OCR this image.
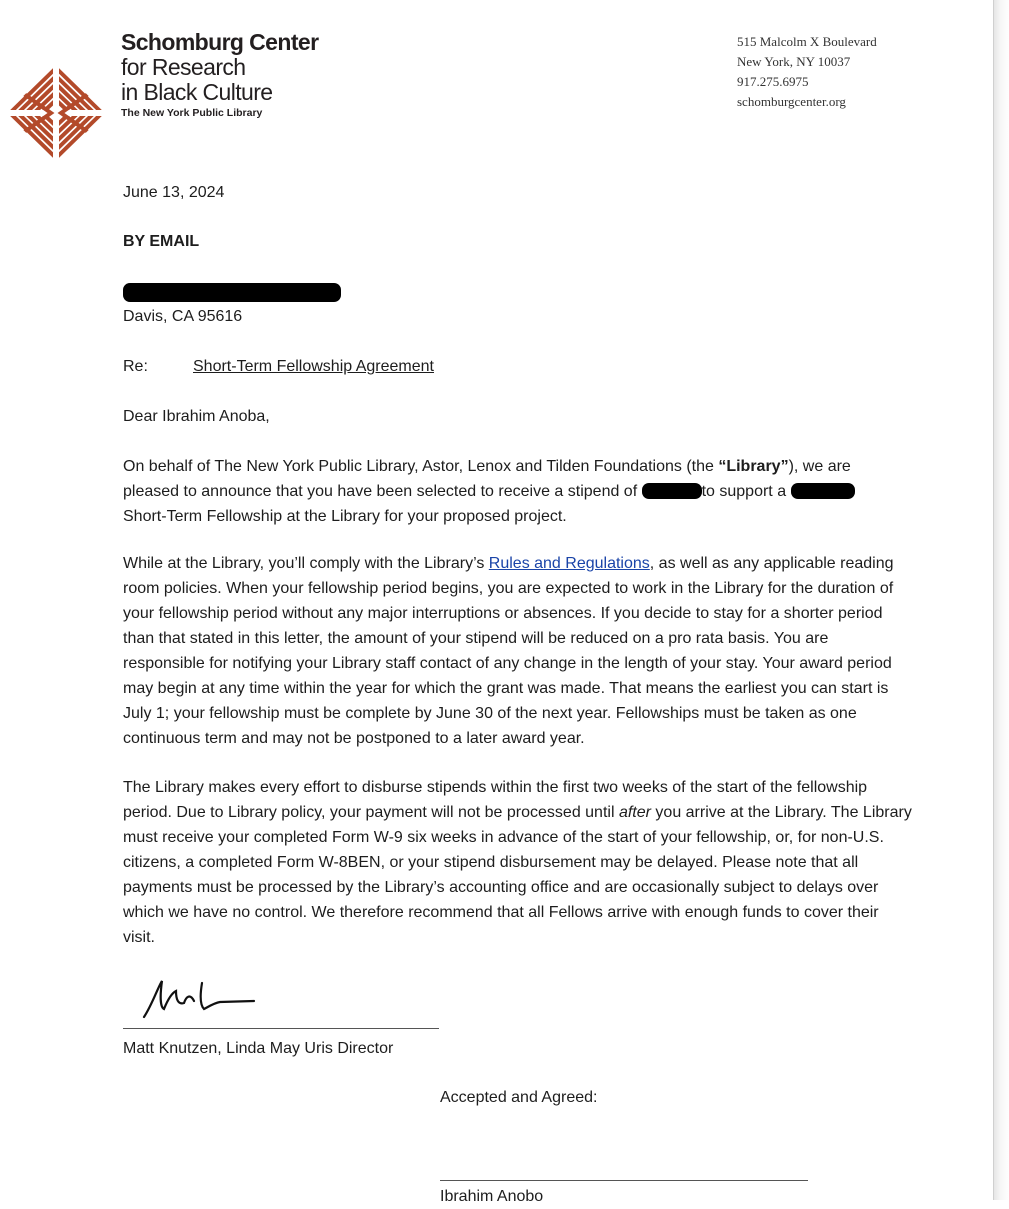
Schomburg Center
for Research
in Black Culture
The New York Public Library
515 Malcolm X Boulevard
New York, NY 10037
917.275.6975
schomburgcenter.org
June 13, 2024
BY EMAIL
Davis, CA 95616
Re:	Short-Term Fellowship Agreement
Dear Ibrahim Anoba,
On behalf of The New York Public Library, Astor, Lenox and Tilden Foundations (the “Library”), we are
pleased to announce that you have been selected to receive a stipend of	to support a
Short-Term Fellowship at the Library for your proposed project.

While at the Library, you’ll comply with the Library’s Rules and Regulations, as well as any applicable reading room policies. When your fellowship period begins, you are expected to work in the Library for the duration of your fellowship period without any major interruptions or absences. If you decide to stay for a shorter period than that stated in this letter, the amount of your stipend will be reduced on a pro rata basis. You are responsible for notifying your Library staff contact of any change in the length of your stay. Your award period may begin at any time within the year for which the grant was made. That means the earliest you can start is July 1; your fellowship must be complete by June 30 of the next year. Fellowships must be taken as one continuous term and may not be postponed to a later award year.

The Library makes every effort to disburse stipends within the first two weeks of the start of the fellowship period. Due to Library policy, your payment will not be processed until after you arrive at the Library. The Library must receive your completed Form W-9 six weeks in advance of the start of your fellowship, or, for non-U.S. citizens, a completed Form W-8BEN, or your stipend disbursement may be delayed. Please note that all payments must be processed by the Library’s accounting office and are occasionally subject to delays over which we have no control. We therefore recommend that all Fellows arrive with enough funds to cover their visit.

Matt Knutzen, Linda May Uris Director
Accepted and Agreed:
Ibrahim Anobo
